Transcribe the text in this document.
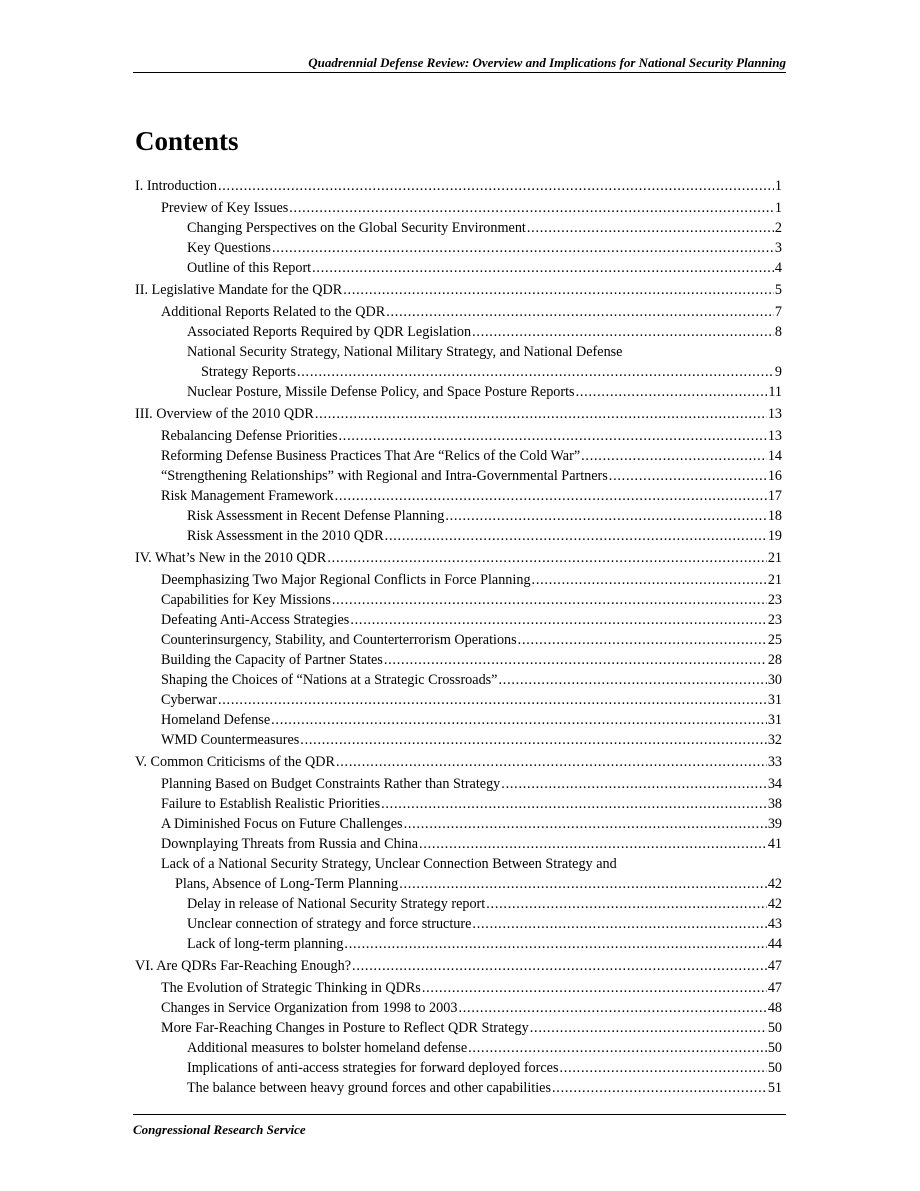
Quadrennial Defense Review: Overview and Implications for National Security Planning
Contents
I. Introduction . . .	1
Preview of Key Issues . . .	1
Changing Perspectives on the Global Security Environment . . .	2
Key Questions . . .	3
Outline of this Report . . .	4
II. Legislative Mandate for the QDR . . .	5
Additional Reports Related to the QDR . . .	7
Associated Reports Required by QDR Legislation . . .	8
National Security Strategy, National Military Strategy, and National Defense
Strategy Reports . . .	9
Nuclear Posture, Missile Defense Policy, and Space Posture Reports . . .	11
III. Overview of the 2010 QDR . . .	13
Rebalancing Defense Priorities . . .	13
Reforming Defense Business Practices That Are “Relics of the Cold War” . . .	14
“Strengthening Relationships” with Regional and Intra-Governmental Partners . . .	16
Risk Management Framework . . .	17
Risk Assessment in Recent Defense Planning . . .	18
Risk Assessment in the 2010 QDR . . .	19
IV. What’s New in the 2010 QDR . . .	21
Deemphasizing Two Major Regional Conflicts in Force Planning . . .	21
Capabilities for Key Missions . . .	23
Defeating Anti-Access Strategies . . .	23
Counterinsurgency, Stability, and Counterterrorism Operations . . .	25
Building the Capacity of Partner States . . .	28
Shaping the Choices of “Nations at a Strategic Crossroads” . . .	30
Cyberwar . . .	31
Homeland Defense . . .	31
WMD Countermeasures . . .	32
V. Common Criticisms of the QDR . . .	33
Planning Based on Budget Constraints Rather than Strategy . . .	34
Failure to Establish Realistic Priorities . . .	38
A Diminished Focus on Future Challenges . . .	39
Downplaying Threats from Russia and China . . .	41
Lack of a National Security Strategy, Unclear Connection Between Strategy and
Plans, Absence of Long-Term Planning . . .	42
Delay in release of National Security Strategy report . . .	42
Unclear connection of strategy and force structure . . .	43
Lack of long-term planning . . .	44
VI. Are QDRs Far-Reaching Enough? . . .	47
The Evolution of Strategic Thinking in QDRs . . .	47
Changes in Service Organization from 1998 to 2003 . . .	48
More Far-Reaching Changes in Posture to Reflect QDR Strategy . . .	50
Additional measures to bolster homeland defense . . .	50
Implications of anti-access strategies for forward deployed forces . . .	50
The balance between heavy ground forces and other capabilities . . .	51
Congressional Research Service
